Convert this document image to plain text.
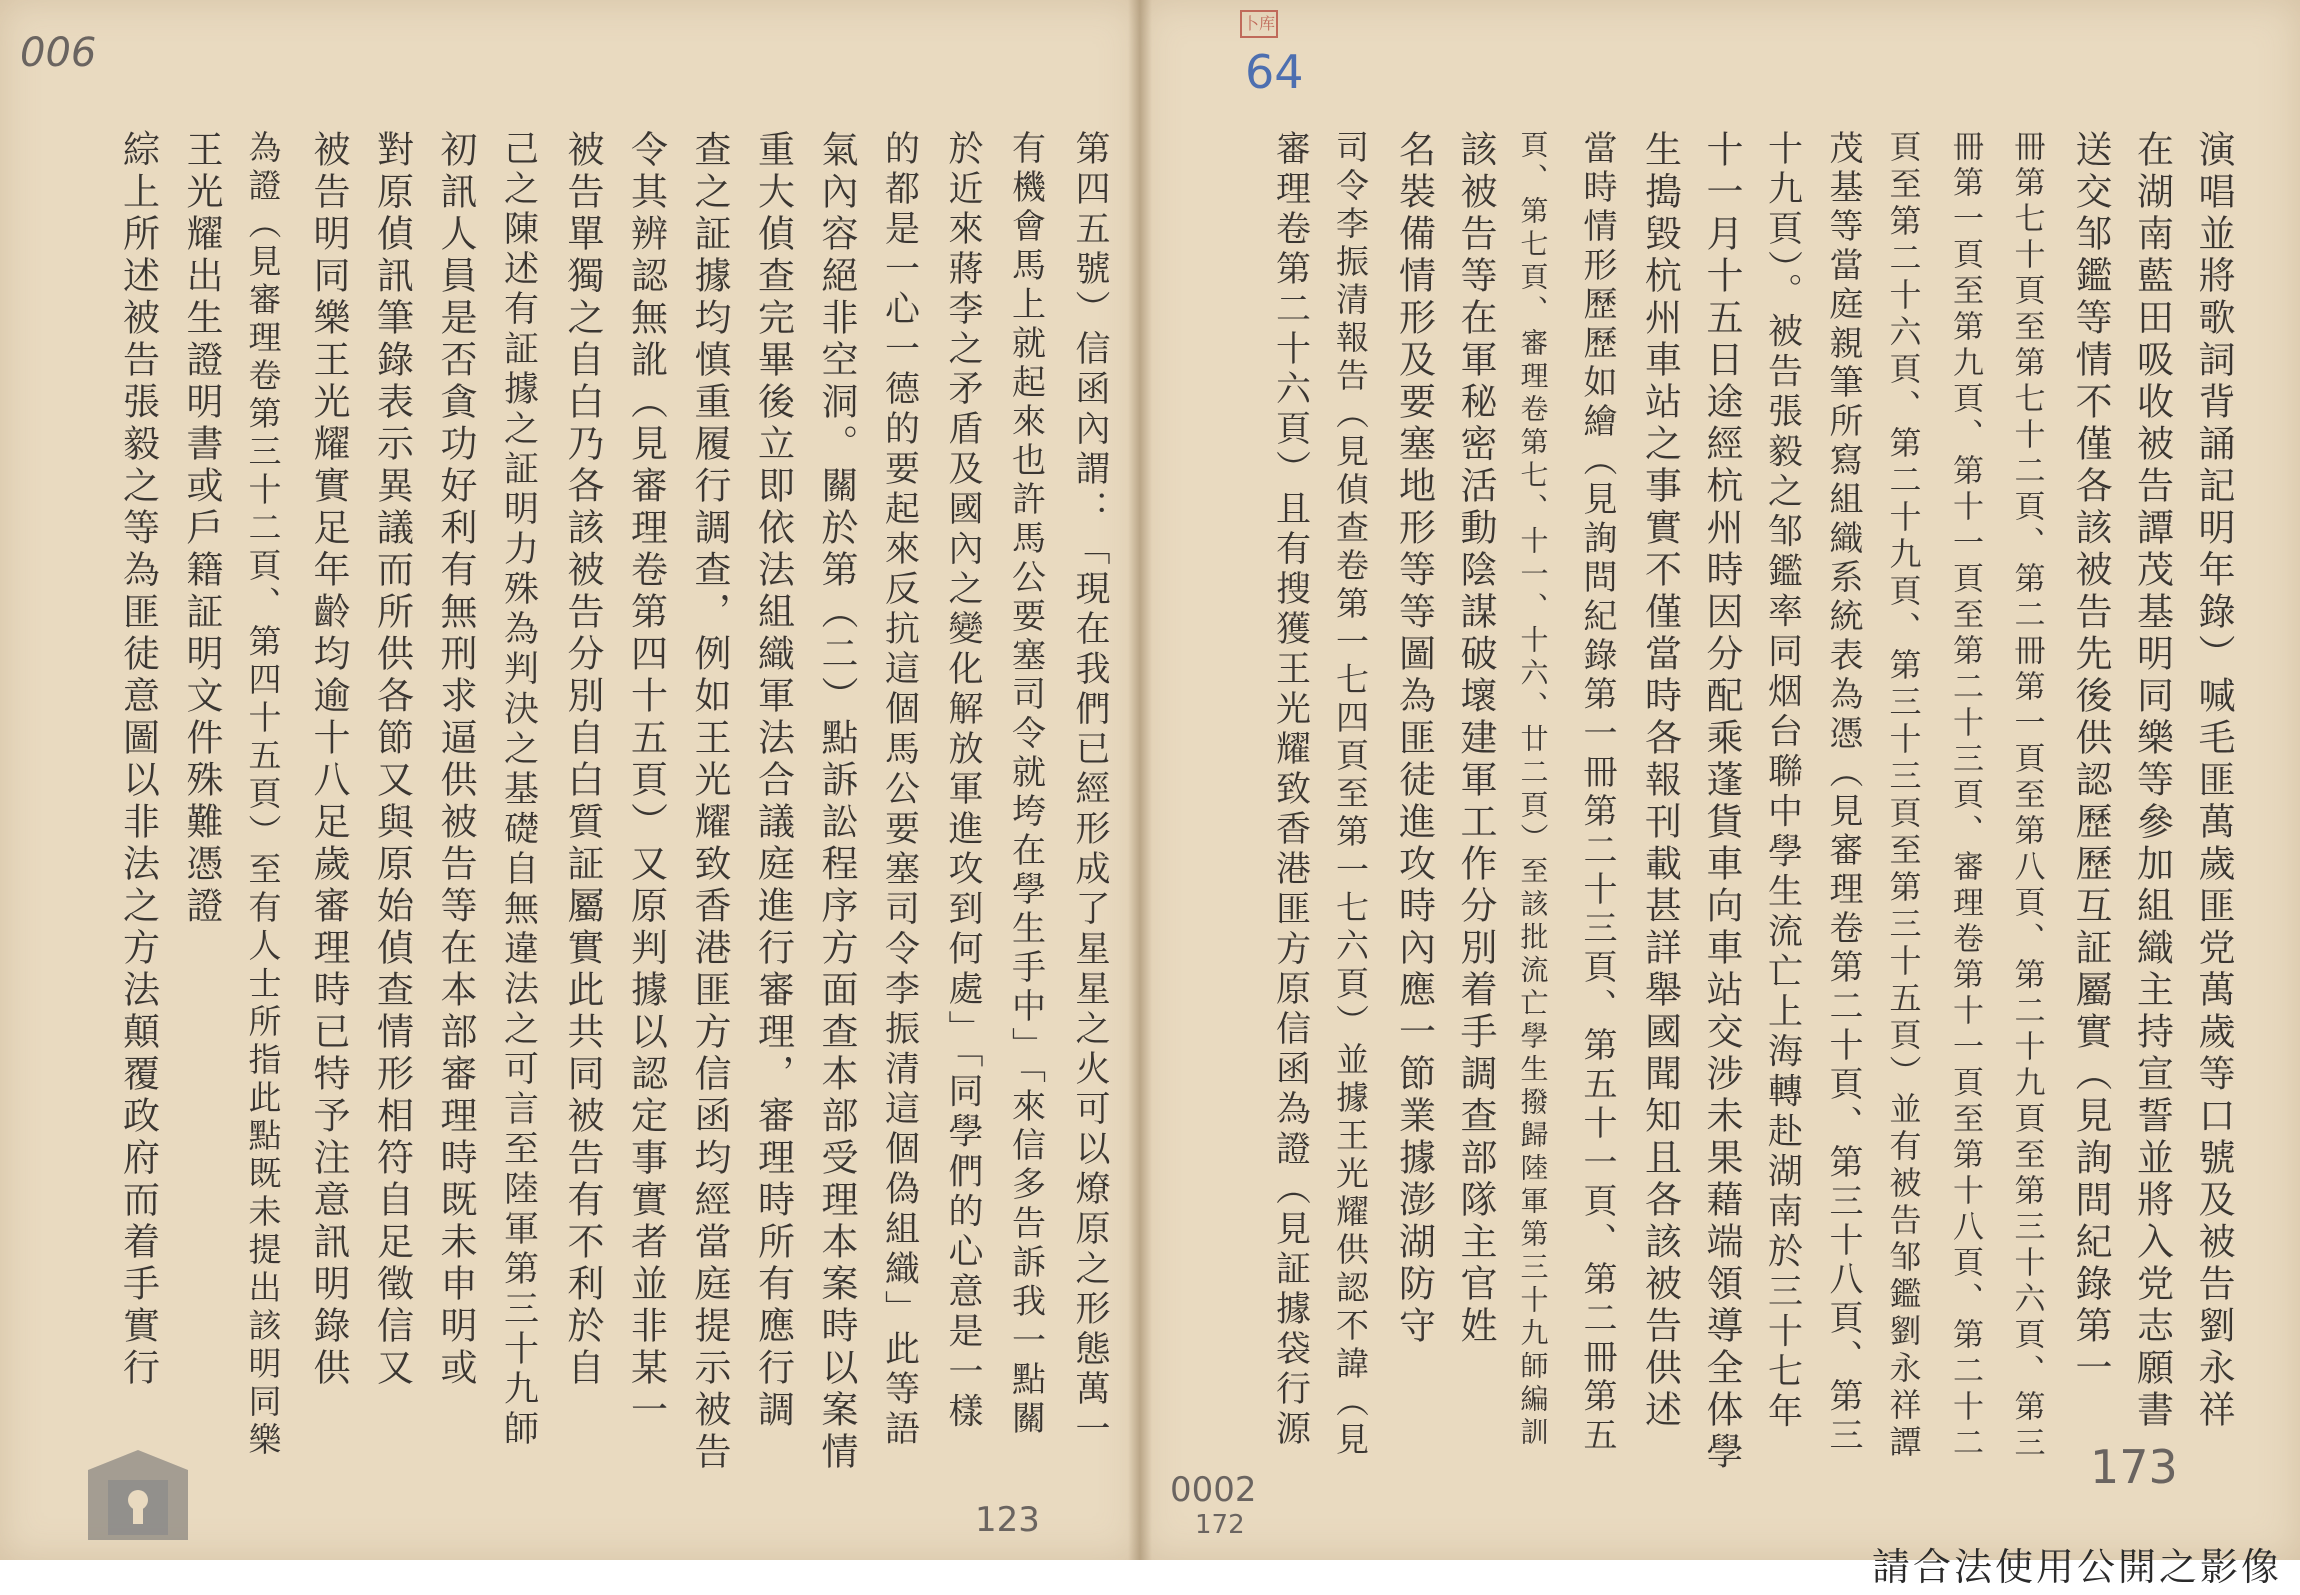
卜库
006	64
123
0002
172
173
演唱並將歌詞背誦記明年錄）喊毛匪萬歲匪党萬歲等口號及被告劉永祥
在湖南藍田吸收被告譚茂基明同樂等參加組織主持宣誓並將入党志願書
送交邹鑑等情不僅各該被告先後供認歷歷互証屬實（見詢問紀錄第一
冊第七十頁至第七十二頁、第二冊第一頁至第八頁、第二十九頁至第三十六頁、第三
冊第一頁至第九頁、第十一頁至第二十三頁、審理卷第十一頁至第十八頁、第二十二
頁至第二十六頁、第二十九頁、第三十三頁至第三十五頁）並有被告邹鑑劉永祥譚
茂基等當庭親筆所寫組織系統表為憑（見審理卷第二十頁、第三十八頁、第三
十九頁）。被告張毅之邹鑑率同烟台聯中學生流亡上海轉赴湖南於三十七年
十一月十五日途經杭州時因分配乘蓬貨車向車站交涉未果藉端領導全体學
生搗毀杭州車站之事實不僅當時各報刊載甚詳舉國聞知且各該被告供述
當時情形歷歷如繪（見詢問紀錄第一冊第二十三頁、第五十一頁、第二冊第五
頁、第七頁、審理卷第七、十一、十六、廿二頁）至該批流亡學生撥歸陸軍第三十九師編訓
該被告等在軍秘密活動陰謀破壞建軍工作分別着手調查部隊主官姓
名裝備情形及要塞地形等等圖為匪徒進攻時內應一節業據澎湖防守
司令李振清報告（見偵查卷第一七四頁至第一七六頁）並據王光耀供認不諱（見
審理卷第二十六頁）且有搜獲王光耀致香港匪方原信函為證（見証據袋行源
第四五號）信函內謂：「現在我們已經形成了星星之火可以燎原之形態萬一
有機會馬上就起來也許馬公要塞司令就垮在學生手中」「來信多告訴我一點關
於近來蔣李之矛盾及國內之變化解放軍進攻到何處」「同學們的心意是一樣
的都是一心一德的要起來反抗這個馬公要塞司令李振清這個偽組織」此等語
氣內容絕非空洞。關於第（二）點訴訟程序方面查本部受理本案時以案情
重大偵查完畢後立即依法組織軍法合議庭進行審理，審理時所有應行調
查之証據均慎重履行調查，例如王光耀致香港匪方信函均經當庭提示被告
令其辨認無訛（見審理卷第四十五頁）又原判據以認定事實者並非某一
被告單獨之自白乃各該被告分別自白質証屬實此共同被告有不利於自
己之陳述有証據之証明力殊為判決之基礎自無違法之可言至陸軍第三十九師
初訊人員是否貪功好利有無刑求逼供被告等在本部審理時既未申明或
對原偵訊筆錄表示異議而所供各節又與原始偵查情形相符自足徵信又
被告明同樂王光耀實足年齡均逾十八足歲審理時已特予注意訊明錄供
為證（見審理卷第三十二頁、第四十五頁）至有人士所指此點既未提出該明同樂
王光耀出生證明書或戶籍証明文件殊難憑證
綜上所述被告張毅之等為匪徒意圖以非法之方法顛覆政府而着手實行
請合法使用公開之影像
